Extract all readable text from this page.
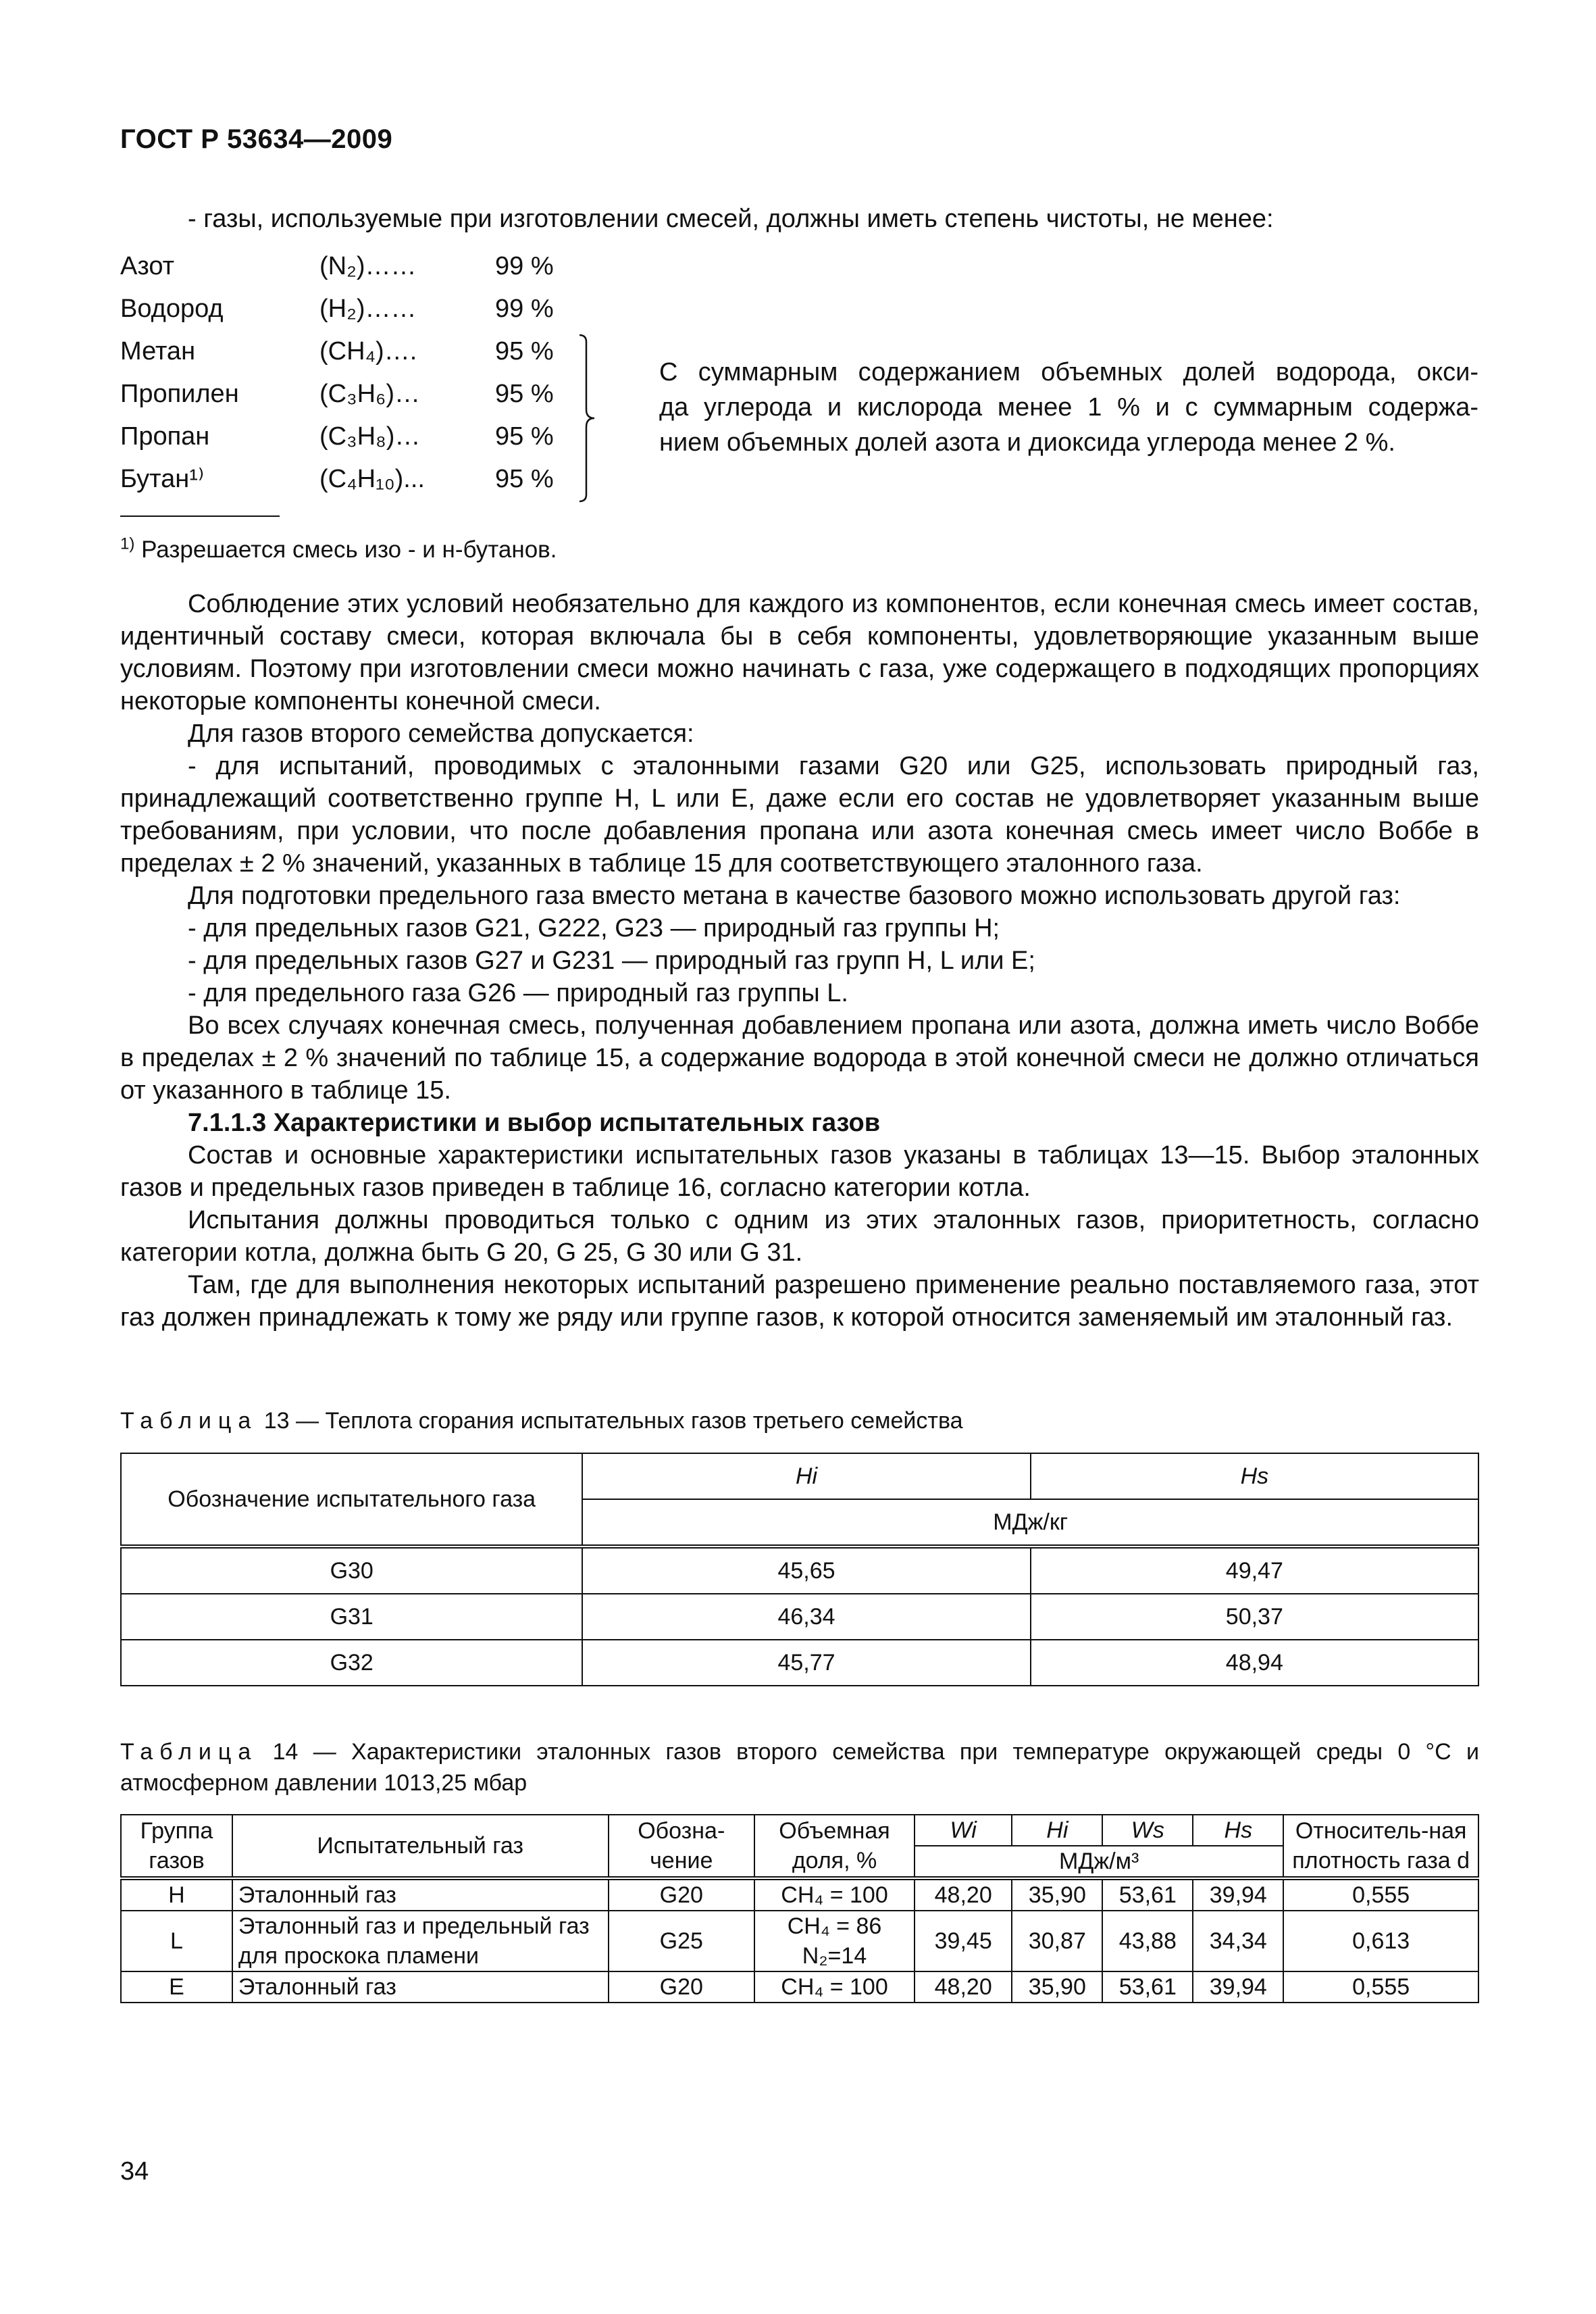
ГОСТ Р 53634—2009
- газы, используемые при изготовлении смесей, должны иметь степень чистоты, не менее:
Азот	(N₂)……	99 %
Водород	(H₂)……	99 %
Метан	(CH₄)….	95 %
Пропилен	(C₃H₆)…	95 %
Пропан	(C₃H₈)…	95 %
Бутан¹⁾	(C₄H₁₀)...	95 %
С суммарным содержанием объемных долей водорода, окси-
да углерода и кислорода менее 1 % и с суммарным содержа-
нием объемных долей азота и диоксида углерода менее 2 %.
$^{1)}$ Разрешается смесь изо - и н-бутанов.

Соблюдение этих условий необязательно для каждого из компонентов, если конечная смесь имеет состав, идентичный составу смеси, которая включала бы в себя компоненты, удовлетворяющие указанным выше условиям. Поэтому при изготовлении смеси можно начинать с газа, уже содержащего в подходящих пропорциях некоторые компоненты конечной смеси.

Для газов второго семейства допускается:

- для испытаний, проводимых с эталонными газами G20 или G25, использовать природный газ, принадлежащий соответственно группе H, L или E, даже если его состав не удовлетворяет указанным выше требованиям, при условии, что после добавления пропана или азота конечная смесь имеет число Воббе в пределах ± 2 % значений, указанных в таблице 15 для соответствующего эталонного газа.

Для подготовки предельного газа вместо метана в качестве базового можно использовать другой газ:

- для предельных газов G21, G222, G23 — природный газ группы H;

- для предельных газов G27 и G231 — природный газ групп H, L или E;

- для предельного газа G26 — природный газ группы L.

Во всех случаях конечная смесь, полученная добавлением пропана или азота, должна иметь число Воббе в пределах ± 2 % значений по таблице 15, а содержание водорода в этой конечной смеси не должно отличаться от указанного в таблице 15.

7.1.1.3 Характеристики и выбор испытательных газов

Состав и основные характеристики испытательных газов указаны в таблицах 13—15. Выбор эталонных газов и предельных газов приведен в таблице 16, согласно категории котла.

Испытания должны проводиться только с одним из этих эталонных газов, приоритетность, согласно категории котла, должна быть G 20, G 25, G 30 или G 31.

Там, где для выполнения некоторых испытаний разрешено применение реально поставляемого газа, этот газ должен принадлежать к тому же ряду или группе газов, к которой относится заменяемый им эталонный газ.

Таблица 13 — Теплота сгорания испытательных газов третьего семейства
Обозначение испытательного газа	Hi	Hs
	МДж/кг	
G30	45,65	49,47
G31	46,34	50,37
G32	45,77	48,94
Таблица 14 — Характеристики эталонных газов второго семейства при температуре окружающей среды 0 °С и атмосферном давлении 1013,25 мбар
Группа газов	Испытательный газ	Обозна-чение	Объемная доля, %	Wi	Hi	Ws	Hs	Относитель-ная плотность газа d
				МДж/м³				
H	Эталонный газ	G20	CH₄ = 100	48,20	35,90	53,61	39,94	0,555
L	Эталонный газ и предельный газ для проскока пламени	G25	CH₄ = 86 N₂=14	39,45	30,87	43,88	34,34	0,613
E	Эталонный газ	G20	CH₄ = 100	48,20	35,90	53,61	39,94	0,555
34
